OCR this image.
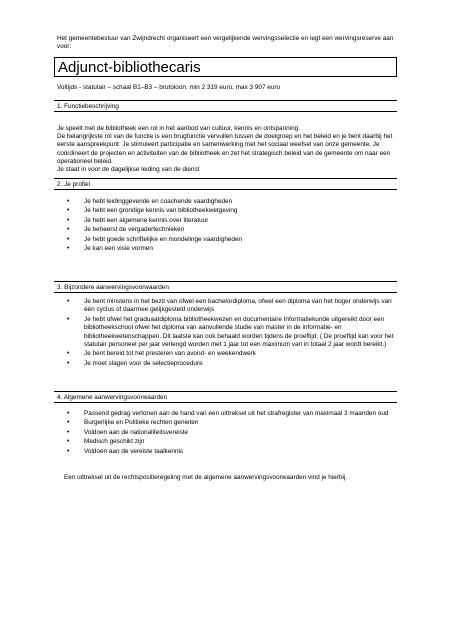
Het gemeentebestuur van Zwijndrecht organiseert een vergelijkende wervingsselectie en legt een wervingsreserve aan voor:

Adjunct-bibliothecaris

Voltijds - statutair – schaal B1–B3 – brutoloon: min 2 319 euro, max 3 907 euro

1. Functiebeschrijving

Je speelt met de bibliotheek een rol in het aanbod van cultuur, kennis en ontspanning.

De belangrijkste rol van de functie is een brugfunctie vervullen tussen de doelgroep en het beleid en je bent daarbij het eerste aanspreekpunt. Je stimuleert participatie en samenwerking met het sociaal weefsel van onze gemeente. Je coördineert de projecten en activiteiten van de bibliotheek en zet het strategisch beleid van de gemeente om naar een operationeel beleid.

Je staat in voor de dagelijkse leiding van de dienst

2. Je profiel
• Je hebt leidinggevende en coachende vaardigheden
• Je hebt een grondige kennis van bibliotheekwetgeving
• Je hebt een algemene kennis over literatuur
• Je beheerst de vergadertechnieken
• Je hebt goede schriftelijke en mondelinge vaardigheden
• Je kan een visie vormen
3. Bijzondere aanwervingsvoorwaarden
• Je bent minstens in het bezit van ofwel een bachelordiploma, ofwel een diploma van het hoger onderwijs van één cyclus of daarmee gelijkgesteld onderwijs
• Je hebt ofwel het graduaatdiploma bibliotheekwezen en documentaire Informatiekunde uitgereikt door een bibliotheekschool ofwel het diploma van aanvullende studie van master in de informatie- en bibliotheekwetenschappen. Dit laatste kan ook behaald worden tijdens de proeftijd. ( De proeftijd kan voor het statutair personeel per jaar verlengd worden met 1 jaar tot een maximum van in totaal 2 jaar wordt bereikt.)
• Je bent bereid tot het presteren van avond- en weekendwerk
• Je moet slagen voor de selectieprocedure
4. Algemene aanwervingsvoorwaarden
• Passend gedrag vertonen aan de hand van een uittreksel uit het strafregister van maximaal 3 maanden oud
• Burgerlijke en Politieke rechten genieten
• Voldoen aan de nationaliteitsvereiste
• Medisch geschikt zijn
• Voldoen aan de vereiste taalkennis

Een uittreksel uit de rechtspositieregeling met de algemene aanwervingsvoorwaarden vind je hierbij.
